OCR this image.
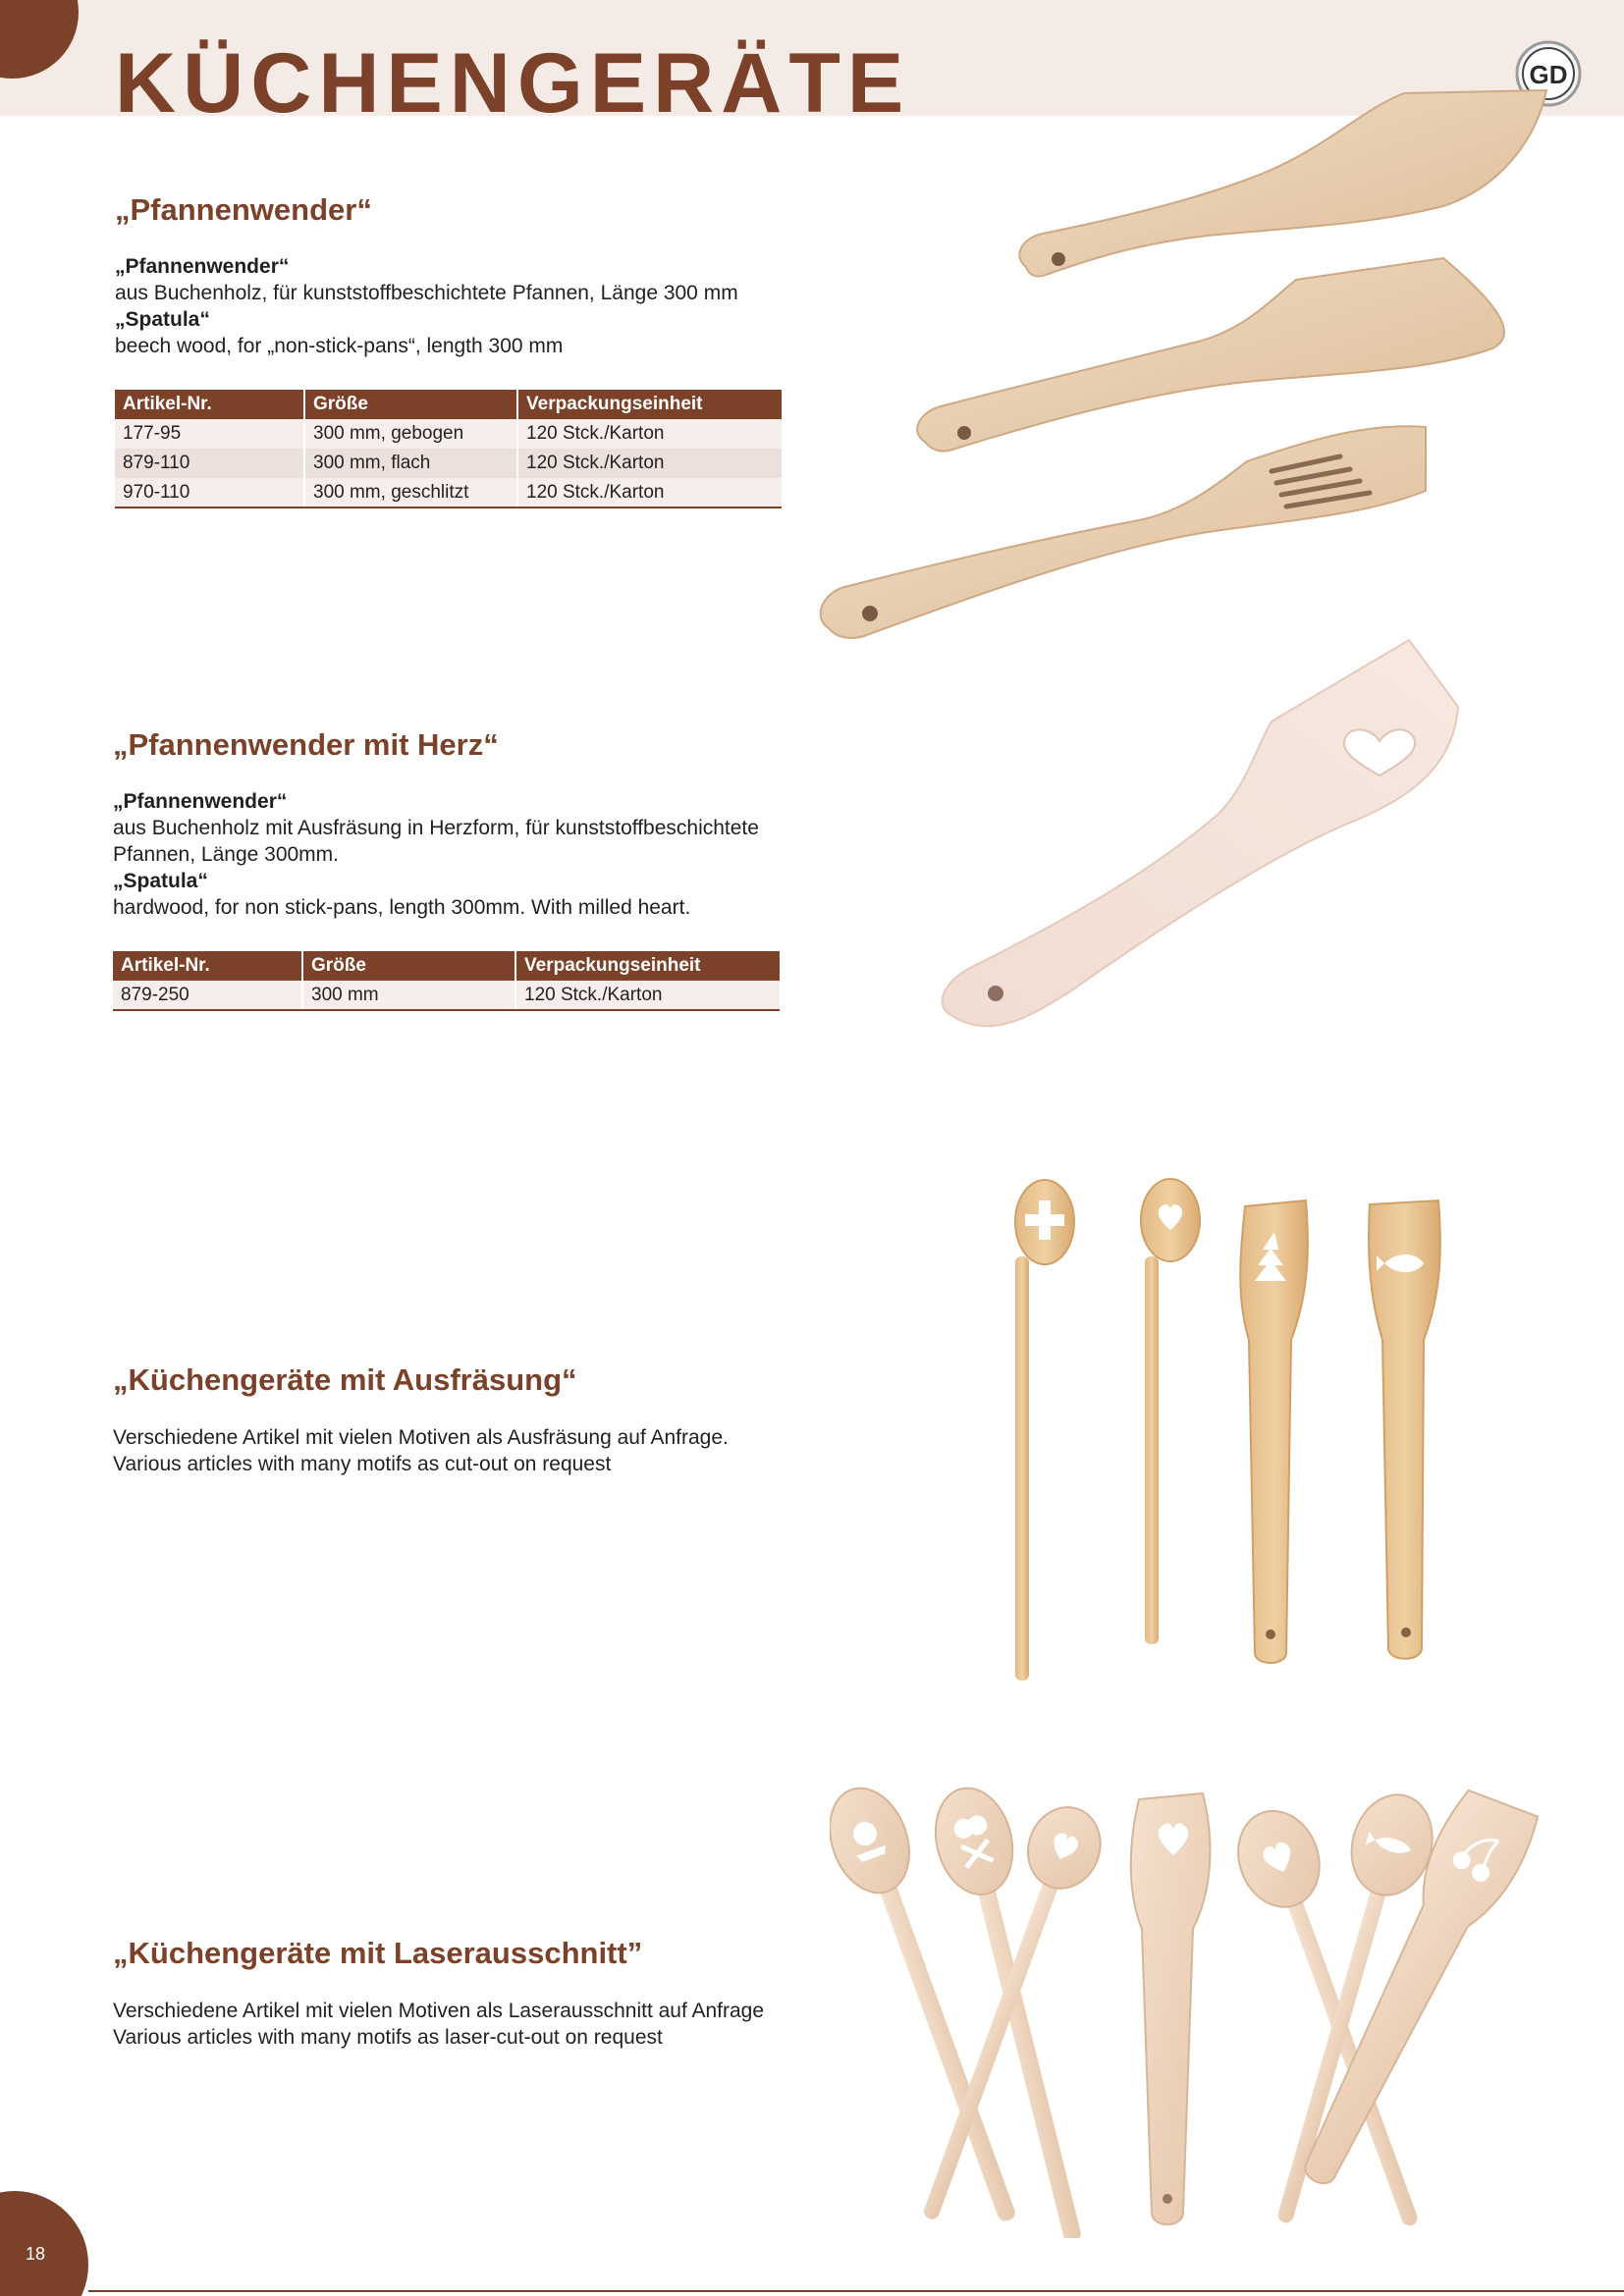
KÜCHENGERÄTE	GD
„Pfannenwender“
„Pfannenwender“
aus Buchenholz, für kunststoffbeschichtete Pfannen, Länge 300 mm
„Spatula“
beech wood, for „non-stick-pans“, length 300 mm
Artikel-Nr.	Größe	Verpackungseinheit
177-95	300 mm, gebogen	120 Stck./Karton
879-110	300 mm, flach	120 Stck./Karton
970-110	300 mm, geschlitzt	120 Stck./Karton
„Pfannenwender mit Herz“
„Pfannenwender“
aus Buchenholz mit Ausfräsung in Herzform, für kunststoffbeschichtete
Pfannen, Länge 300mm.
„Spatula“
hardwood, for non stick-pans, length 300mm. With milled heart.
Artikel-Nr.	Größe	Verpackungseinheit
879-250	300 mm	120 Stck./Karton
„Küchengeräte mit Ausfräsung“
Verschiedene Artikel mit vielen Motiven als Ausfräsung auf Anfrage.
Various articles with many motifs as cut-out on request
„Küchengeräte mit Laserausschnitt”
Verschiedene Artikel mit vielen Motiven als Laserausschnitt auf Anfrage
Various articles with many motifs as laser-cut-out on request
18
